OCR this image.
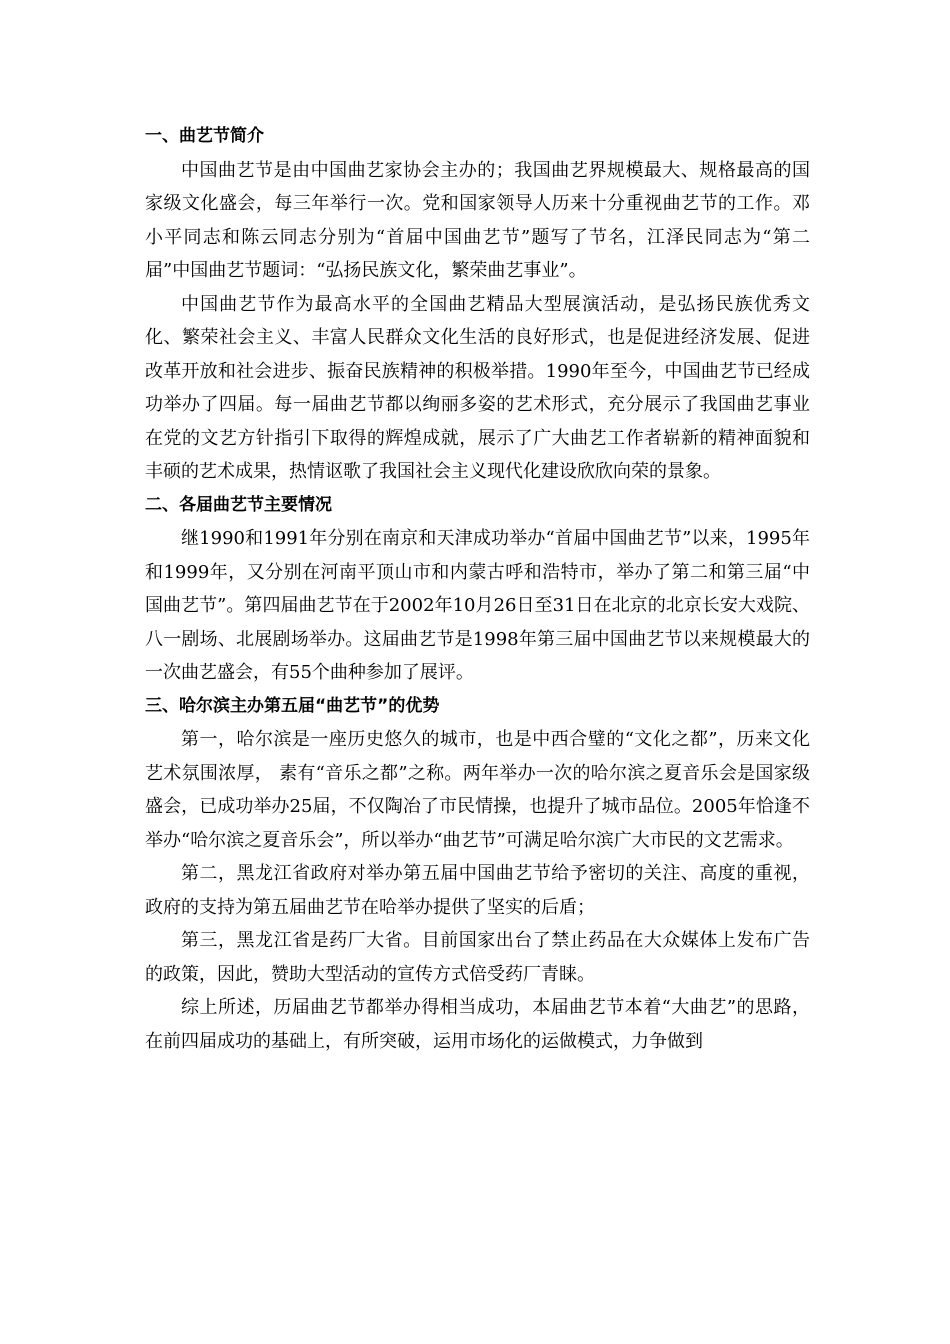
一、曲艺节简介

中国曲艺节是由中国曲艺家协会主办的；我国曲艺界规模最大、规格最高的国家级文化盛会，每三年举行一次。党和国家领导人历来十分重视曲艺节的工作。邓小平同志和陈云同志分别为“首届中国曲艺节”题写了节名，江泽民同志为“第二届”中国曲艺节题词：“弘扬民族文化，繁荣曲艺事业”。

中国曲艺节作为最高水平的全国曲艺精品大型展演活动，是弘扬民族优秀文化、繁荣社会主义、丰富人民群众文化生活的良好形式，也是促进经济发展、促进改革开放和社会进步、振奋民族精神的积极举措。1990年至今，中国曲艺节已经成功举办了四届。每一届曲艺节都以绚丽多姿的艺术形式，充分展示了我国曲艺事业在党的文艺方针指引下取得的辉煌成就，展示了广大曲艺工作者崭新的精神面貌和丰硕的艺术成果，热情讴歌了我国社会主义现代化建设欣欣向荣的景象。

二、各届曲艺节主要情况

继1990和1991年分别在南京和天津成功举办“首届中国曲艺节”以来，1995年和1999年，又分别在河南平顶山市和内蒙古呼和浩特市，举办了第二和第三届“中国曲艺节”。第四届曲艺节在于2002年10月26日至31日在北京的北京长安大戏院、八一剧场、北展剧场举办。这届曲艺节是1998年第三届中国曲艺节以来规模最大的一次曲艺盛会，有55个曲种参加了展评。

三、哈尔滨主办第五届“曲艺节”的优势

第一，哈尔滨是一座历史悠久的城市，也是中西合璧的“文化之都”，历来文化艺术氛围浓厚， 素有“音乐之都”之称。两年举办一次的哈尔滨之夏音乐会是国家级盛会，已成功举办25届，不仅陶冶了市民情操，也提升了城市品位。2005年恰逢不举办“哈尔滨之夏音乐会”，所以举办“曲艺节”可满足哈尔滨广大市民的文艺需求。

第二，黑龙江省政府对举办第五届中国曲艺节给予密切的关注、高度的重视，政府的支持为第五届曲艺节在哈举办提供了坚实的后盾；

第三，黑龙江省是药厂大省。目前国家出台了禁止药品在大众媒体上发布广告的政策，因此，赞助大型活动的宣传方式倍受药厂青睐。

综上所述，历届曲艺节都举办得相当成功，本届曲艺节本着“大曲艺”的思路，在前四届成功的基础上，有所突破，运用市场化的运做模式，力争做到
